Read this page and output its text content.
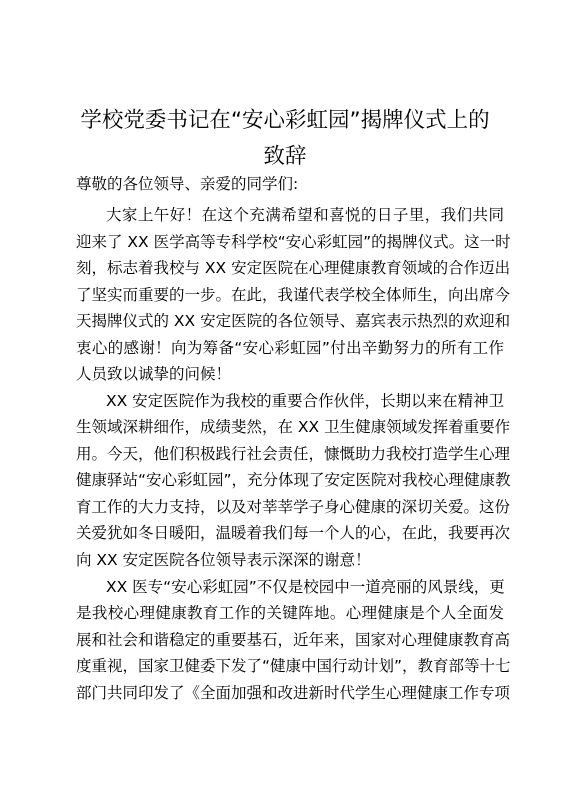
学校党委书记在“安心彩虹园”揭牌仪式上的
致辞
尊敬的各位领导、亲爱的同学们:
大家上午好！在这个充满希望和喜悦的日子里，我们共同
迎来了 XX 医学高等专科学校“安心彩虹园”的揭牌仪式。这一时
刻，标志着我校与 XX 安定医院在心理健康教育领域的合作迈出
了坚实而重要的一步。在此，我谨代表学校全体师生，向出席今
天揭牌仪式的 XX 安定医院的各位领导、嘉宾表示热烈的欢迎和
衷心的感谢！向为筹备“安心彩虹园”付出辛勤努力的所有工作
人员致以诚挚的问候！
XX 安定医院作为我校的重要合作伙伴，长期以来在精神卫
生领域深耕细作，成绩斐然，在 XX 卫生健康领域发挥着重要作
用。今天，他们积极践行社会责任，慷慨助力我校打造学生心理
健康驿站“安心彩虹园”，充分体现了安定医院对我校心理健康教
育工作的大力支持，以及对莘莘学子身心健康的深切关爱。这份
关爱犹如冬日暖阳，温暖着我们每一个人的心，在此，我要再次
向 XX 安定医院各位领导表示深深的谢意！
XX 医专“安心彩虹园”不仅是校园中一道亮丽的风景线，更
是我校心理健康教育工作的关键阵地。心理健康是个人全面发
展和社会和谐稳定的重要基石，近年来，国家对心理健康教育高
度重视，国家卫健委下发了“健康中国行动计划”，教育部等十七
部门共同印发了《全面加强和改进新时代学生心理健康工作专项
